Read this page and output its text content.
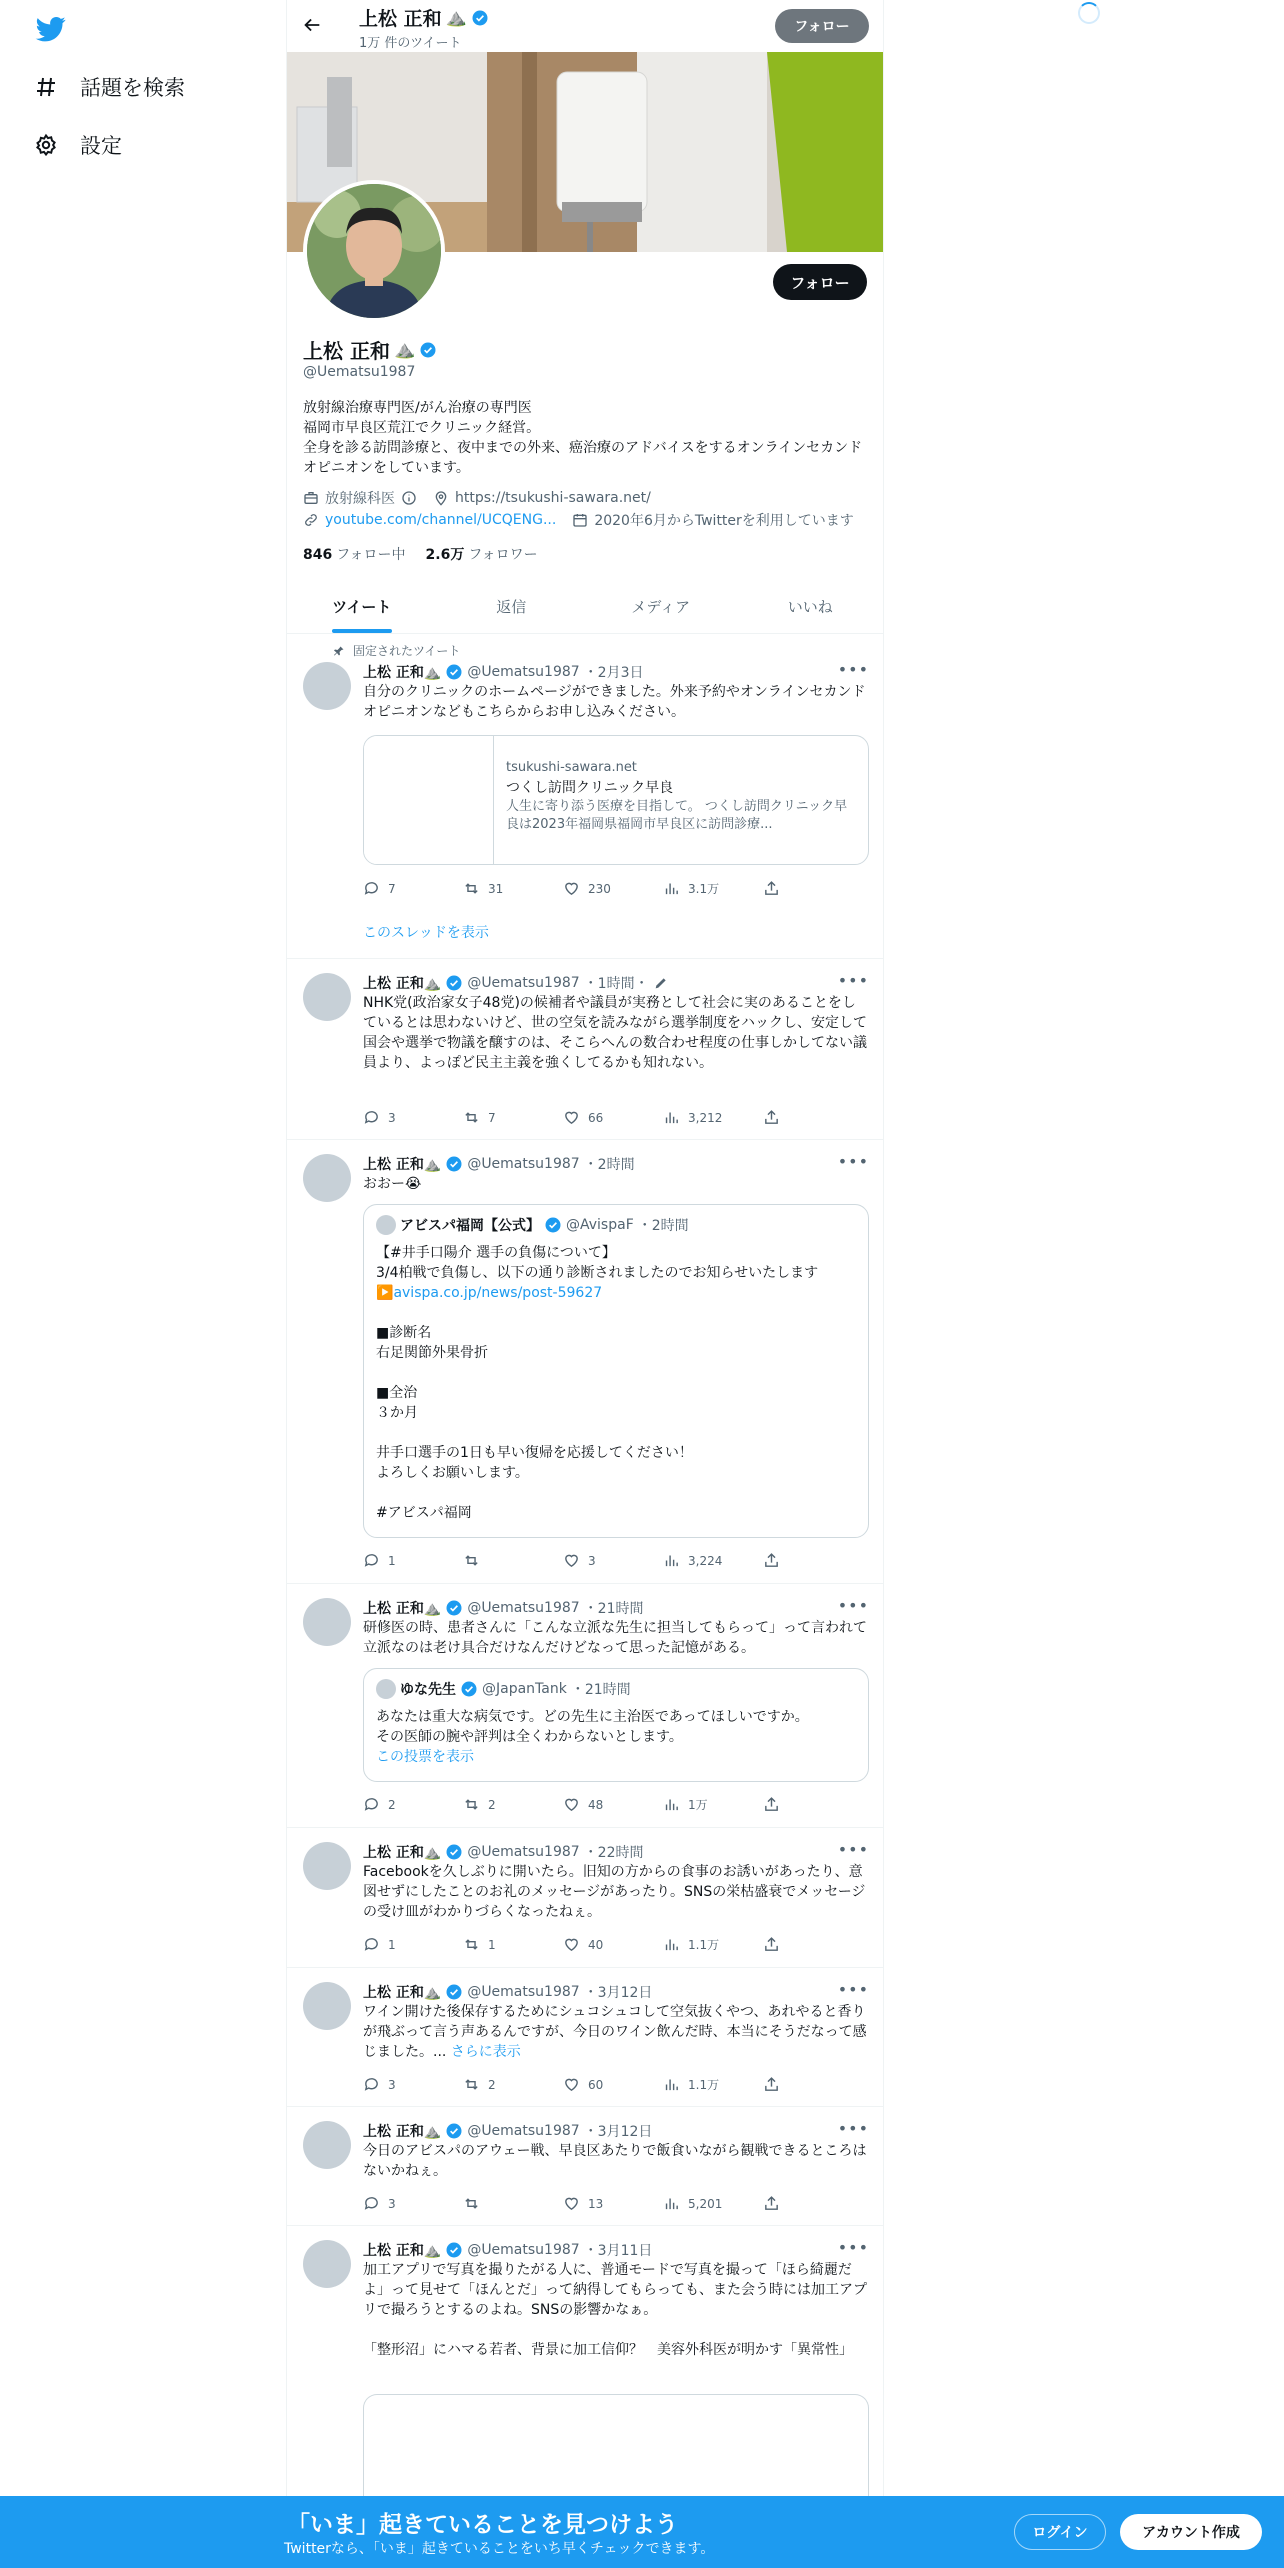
話題を検索
設定
上松 正和 ⛰️
1万 件のツイート
フォロー
フォロー
上松 正和 ⛰️
@Uematsu1987
放射線治療専門医/がん治療の専門医
福岡市早良区荒江でクリニック経営。
全身を診る訪問診療と、夜中までの外来、癌治療のアドバイスをするオンラインセカンドオピニオンをしています。
放射線科医	https://tsukushi-sawara.net/
youtube.com/channel/UCQENG...	2020年6月からTwitterを利用しています
846 フォロー中 2.6万 フォロワー
ツイート	返信	メディア	いいね
固定されたツイート
上松 正和⛰️ @Uematsu1987 ・2月3日	•••
自分のクリニックのホームページができました。外来予約やオンラインセカンドオピニオンなどもこちらからお申し込みください。
tsukushi-sawara.net
つくし訪問クリニック早良
人生に寄り添う医療を目指して。 つくし訪問クリニック早良は2023年福岡県福岡市早良区に訪問診療...
7	31	230	3.1万
このスレッドを表示
上松 正和⛰️ @Uematsu1987 ・1時間・	•••
NHK党(政治家女子48党)の候補者や議員が実務として社会に実のあることをしているとは思わないけど、世の空気を読みながら選挙制度をハックし、安定して国会や選挙で物議を醸すのは、そこらへんの数合わせ程度の仕事しかしてない議員より、よっぽど民主主義を強くしてるかも知れない。
3	7	66	3,212
上松 正和⛰️ @Uematsu1987 ・2時間	•••
おおー😭
アビスパ福岡【公式】 @AvispaF ・2時間
【#井手口陽介 選手の負傷について】
3/4柏戦で負傷し、以下の通り診断されましたのでお知らせいたします
▶️avispa.co.jp/news/post-59627

■診断名
右足関節外果骨折

■全治
３か月

井手口選手の1日も早い復帰を応援してください！
よろしくお願いします。

#アビスパ福岡
1	3	3,224
上松 正和⛰️ @Uematsu1987 ・21時間	•••
研修医の時、患者さんに「こんな立派な先生に担当してもらって」って言われて立派なのは老け具合だけなんだけどなって思った記憶がある。
ゆな先生 @JapanTank ・21時間
あなたは重大な病気です。どの先生に主治医であってほしいですか。
その医師の腕や評判は全くわからないとします。
この投票を表示
2	2	48	1万
上松 正和⛰️ @Uematsu1987 ・22時間	•••
Facebookを久しぶりに開いたら。旧知の方からの食事のお誘いがあったり、意図せずにしたことのお礼のメッセージがあったり。SNSの栄枯盛衰でメッセージの受け皿がわかりづらくなったねぇ。
1	1	40	1.1万
上松 正和⛰️ @Uematsu1987 ・3月12日	•••
ワイン開けた後保存するためにシュコシュコして空気抜くやつ、あれやると香りが飛ぶって言う声あるんですが、今日のワイン飲んだ時、本当にそうだなって感じました。... さらに表示
3	2	60	1.1万
上松 正和⛰️ @Uematsu1987 ・3月12日	•••
今日のアビスパのアウェー戦、早良区あたりで飯食いながら観戦できるところはないかねぇ。
3	13	5,201
上松 正和⛰️ @Uematsu1987 ・3月11日	•••
加工アプリで写真を撮りたがる人に、普通モードで写真を撮って「ほら綺麗だよ」って見せて「ほんとだ」って納得してもらっても、また会う時には加工アプリで撮ろうとするのよね。SNSの影響かなぁ。

「整形沼」にハマる若者、背景に加工信仰？　美容外科医が明かす「異常性」
「いま」起きていることを見つけよう
Twitterなら、「いま」起きていることをいち早くチェックできます。
ログイン	アカウント作成
